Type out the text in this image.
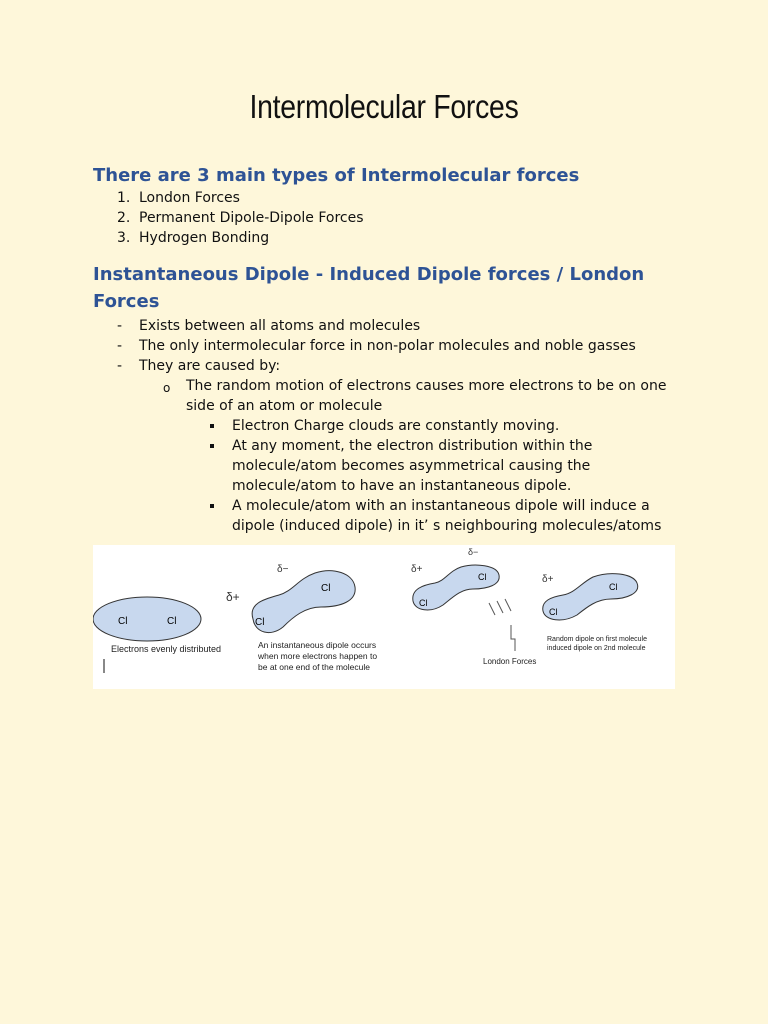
Intermolecular Forces
There are 3 main types of Intermolecular forces
1. London Forces
2. Permanent Dipole-Dipole Forces
3. Hydrogen Bonding
Instantaneous Dipole - Induced Dipole forces / London
Forces
- Exists between all atoms and molecules
- The only intermolecular force in non-polar molecules and noble gasses
- They are caused by:
o The random motion of electrons causes more electrons to be on one
side of an atom or molecule
Electron Charge clouds are constantly moving.
At any moment, the electron distribution within the
molecule/atom becomes asymmetrical causing the
molecule/atom to have an instantaneous dipole.
A molecule/atom with an instantaneous dipole will induce a
dipole (induced dipole) in it’ s neighbouring molecules/atoms
Cl	Cl
Electrons evenly distributed
δ+
δ−
Cl
Cl
An instantaneous dipole occurs
when more electrons happen to
be at one end of the molecule
δ+
δ−
Cl
Cl
London Forces
δ+
Cl
Cl
Random dipole on first molecule
induced dipole on 2nd molecule
